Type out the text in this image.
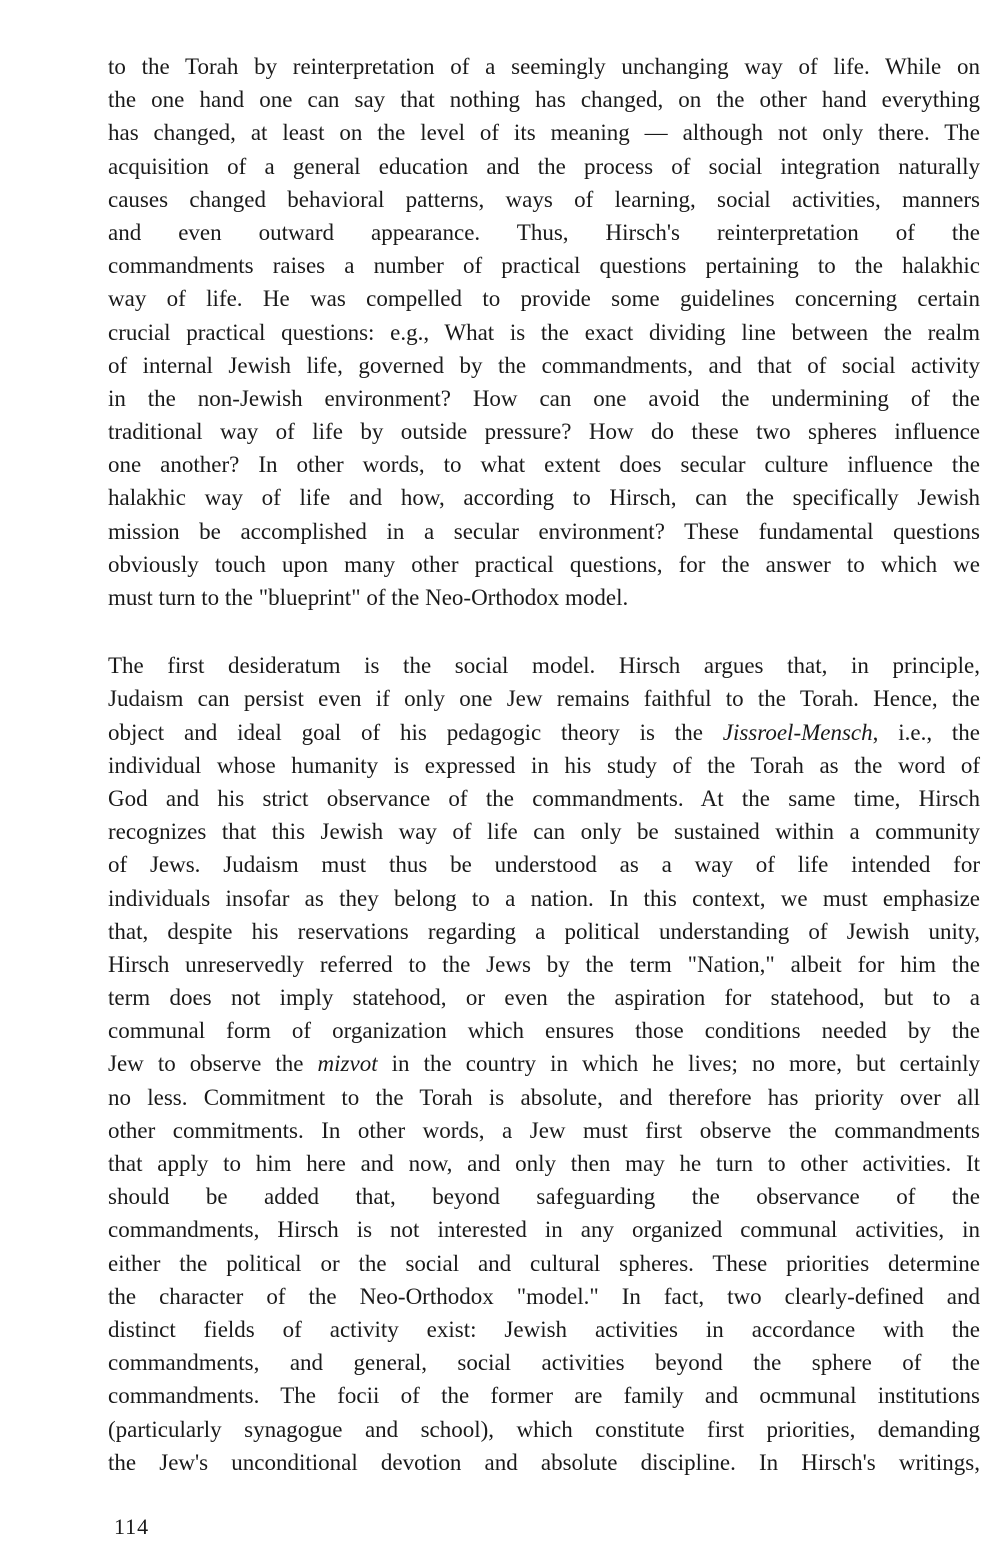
to the Torah by reinterpretation of a seemingly unchanging way of life. While on
the one hand one can say that nothing has changed, on the other hand everything
has changed, at least on the level of its meaning — although not only there. The
acquisition of a general education and the process of social integration naturally
causes changed behavioral patterns, ways of learning, social activities, manners
and even outward appearance. Thus, Hirsch's reinterpretation of the
commandments raises a number of practical questions pertaining to the halakhic
way of life. He was compelled to provide some guidelines concerning certain
crucial practical questions: e.g., What is the exact dividing line between the realm
of internal Jewish life, governed by the commandments, and that of social activity
in the non-Jewish environment? How can one avoid the undermining of the
traditional way of life by outside pressure? How do these two spheres influence
one another? In other words, to what extent does secular culture influence the
halakhic way of life and how, according to Hirsch, can the specifically Jewish
mission be accomplished in a secular environment? These fundamental questions
obviously touch upon many other practical questions, for the answer to which we
must turn to the "blueprint" of the Neo-Orthodox model.
The first desideratum is the social model. Hirsch argues that, in principle,
Judaism can persist even if only one Jew remains faithful to the Torah. Hence, the
object and ideal goal of his pedagogic theory is the Jissroel-Mensch, i.e., the
individual whose humanity is expressed in his study of the Torah as the word of
God and his strict observance of the commandments. At the same time, Hirsch
recognizes that this Jewish way of life can only be sustained within a community
of Jews. Judaism must thus be understood as a way of life intended for
individuals insofar as they belong to a nation. In this context, we must emphasize
that, despite his reservations regarding a political understanding of Jewish unity,
Hirsch unreservedly referred to the Jews by the term "Nation," albeit for him the
term does not imply statehood, or even the aspiration for statehood, but to a
communal form of organization which ensures those conditions needed by the
Jew to observe the mizvot in the country in which he lives; no more, but certainly
no less. Commitment to the Torah is absolute, and therefore has priority over all
other commitments. In other words, a Jew must first observe the commandments
that apply to him here and now, and only then may he turn to other activities. It
should be added that, beyond safeguarding the observance of the
commandments, Hirsch is not interested in any organized communal activities, in
either the political or the social and cultural spheres. These priorities determine
the character of the Neo-Orthodox "model." In fact, two clearly-defined and
distinct fields of activity exist: Jewish activities in accordance with the
commandments, and general, social activities beyond the sphere of the
commandments. The focii of the former are family and ocmmunal institutions
(particularly synagogue and school), which constitute first priorities, demanding
the Jew's unconditional devotion and absolute discipline. In Hirsch's writings,
114
